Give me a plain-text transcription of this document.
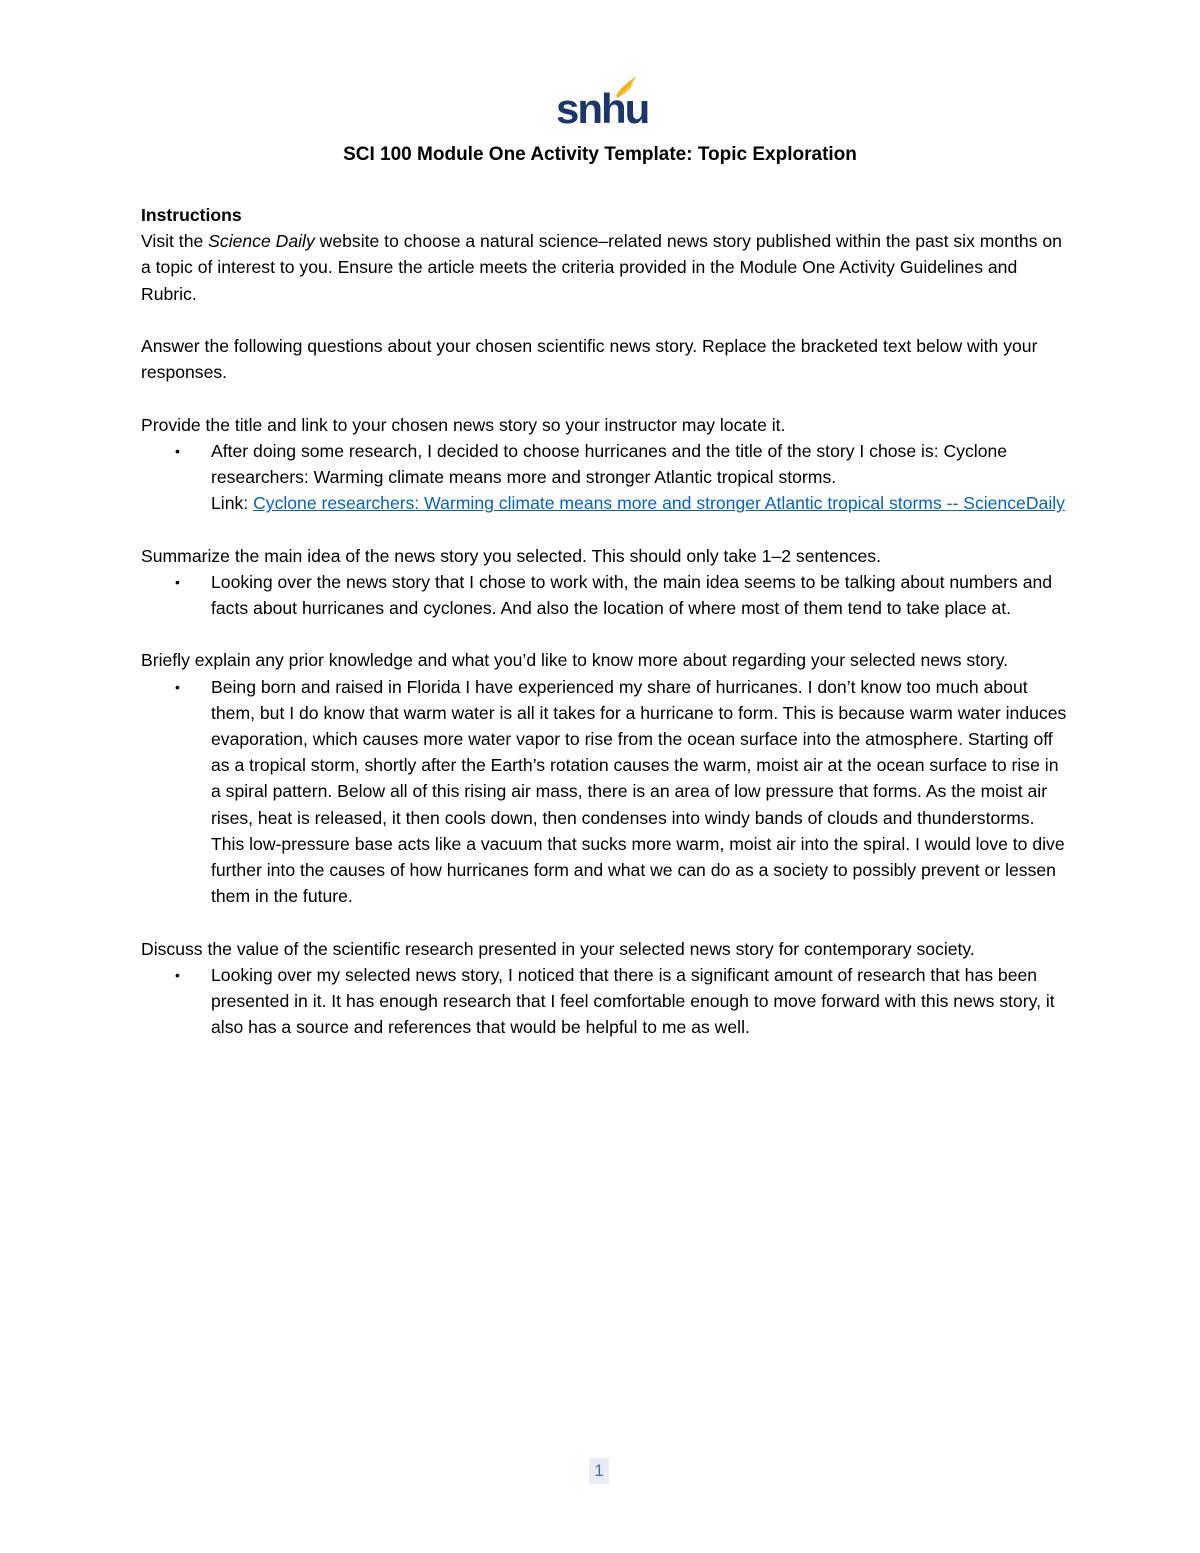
snhu
SCI 100 Module One Activity Template: Topic Exploration

Instructions

Visit the Science Daily website to choose a natural science–related news story published within the past six months on a topic of interest to you. Ensure the article meets the criteria provided in the Module One Activity Guidelines and Rubric.

Answer the following questions about your chosen scientific news story. Replace the bracketed text below with your responses.

Provide the title and link to your chosen news story so your instructor may locate it.

• After doing some research, I decided to choose hurricanes and the title of the story I chose is: Cyclone researchers: Warming climate means more and stronger Atlantic tropical storms.
Link: Cyclone researchers: Warming climate means more and stronger Atlantic tropical storms -- ScienceDaily

Summarize the main idea of the news story you selected. This should only take 1–2 sentences.

• Looking over the news story that I chose to work with, the main idea seems to be talking about numbers and facts about hurricanes and cyclones. And also the location of where most of them tend to take place at.

Briefly explain any prior knowledge and what you’d like to know more about regarding your selected news story.

• Being born and raised in Florida I have experienced my share of hurricanes. I don’t know too much about them, but I do know that warm water is all it takes for a hurricane to form. This is because warm water induces evaporation, which causes more water vapor to rise from the ocean surface into the atmosphere. Starting off as a tropical storm, shortly after the Earth’s rotation causes the warm, moist air at the ocean surface to rise in a spiral pattern. Below all of this rising air mass, there is an area of low pressure that forms. As the moist air rises, heat is released, it then cools down, then condenses into windy bands of clouds and thunderstorms. This low-pressure base acts like a vacuum that sucks more warm, moist air into the spiral. I would love to dive further into the causes of how hurricanes form and what we can do as a society to possibly prevent or lessen them in the future.

Discuss the value of the scientific research presented in your selected news story for contemporary society.

• Looking over my selected news story, I noticed that there is a significant amount of research that has been presented in it. It has enough research that I feel comfortable enough to move forward with this news story, it also has a source and references that would be helpful to me as well.
1
